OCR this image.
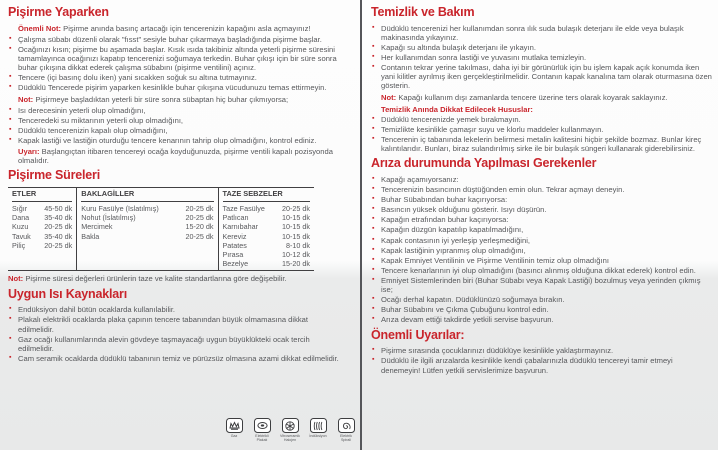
Pişirme Yaparken

Önemli Not: Pişirme anında basınç artacağı için tencerenizin kapağını asla açmayınız!

▪
Çalışma sübabı düzenli olarak "fısst" sesiyle buhar çıkarmaya başladığında pişirme başlar.
▪
Ocağınızı kısın; pişirme bu aşamada başlar. Kısık ısıda takibiniz altında yeterli pişirme süresini tamamlayınca ocağınızı kapatıp tencerenizi soğumaya terkedin. Buhar çıkışı için bir süre sonra buhar çıkışına dikkat ederek çalışma sübabını (pişirme ventilini) açınız.
▪
Tencere (içi basınç dolu iken) yani sıcakken soğuk su altına tutmayınız.
▪
Düdüklü Tencerede pişirim yaparken kesinlikle buhar çıkışına vücudunuzu temas ettirmeyin.

Not: Pişirmeye başladıktan yeterli bir süre sonra sübaptan hiç buhar çıkmıyorsa;

▪
Isı derecesinin yeterli olup olmadığını,
▪
Tenceredeki su miktarının yeterli olup olmadığını,
▪
Düdüklü tencerenizin kapalı olup olmadığını,
▪
Kapak lastiği ve lastiğin oturduğu tencere kenarının tahrip olup olmadığını, kontrol ediniz.

Uyarı: Başlangıçtan itibaren tencereyi ocağa koyduğunuzda, pişirme ventili kapalı pozisyonda olmalıdır.

Pişirme Süreleri
ETLER
Sığır	45-50 dk
Dana	35-40 dk
Kuzu	20-25 dk
Tavuk	35-40 dk
Piliç	20-25 dk
BAKLAGİLLER
Kuru Fasülye (Islatılmış)	20-25 dk
Nohut (İslatılmış)	20-25 dk
Mercimek	15-20 dk
Bakla	20-25 dk
TAZE SEBZELER
Taze Fasülye	20-25 dk
Patlıcan	10-15 dk
Karnıbahar	10-15 dk
Kereviz	10-15 dk
Patates	8-10 dk
Pırasa	10-12 dk
Bezelye	15-20 dk

Not: Pişirme süresi değerleri ürünlerin taze ve kalite standartlarına göre değişebilir.

Uygun Isı Kaynakları
▪
Endüksiyon dahil bütün ocaklarda kullanılabilir.
▪
Plakalı elektrikli ocaklarda plaka çapının tencere tabanından büyük olmamasına dikkat edilmelidir.
▪
Gaz ocağı kullanımlarında alevin gövdeye taşmayacağı uygun büyüklükteki ocak tercih edilmelidir.
▪
Cam seramik ocaklarda düdüklü tabanının temiz ve pürüzsüz olmasına azami dikkat edilmelidir.
Gaz	Elektrikli Plakalı
Vitroseramik Halojen
İndüksiyon	Elektrik Spirali
Temizlik ve Bakım
▪
Düdüklü tencerenizi her kullanımdan sonra ılık suda bulaşık deterjanı ile elde veya bulaşık makinasında yıkayınız.
▪
Kapağı su altında bulaşık deterjanı ile yıkayın.
▪
Her kullanımdan sonra lastiği ve yuvasını mutlaka temizleyin.
▪
Contanın tekrar yerine takılması, daha iyi bir görünürlük için bu işlem kapak açık konumda iken yani kilitler ayrılmış iken gerçekleştirilmelidir. Contanın kapak kanalına tam olarak oturmasına özen gösterin.

Not: Kapağı kullanım dışı zamanlarda tencere üzerine ters olarak koyarak saklayınız.

Temizlik Anında Dikkat Edilecek Hususlar:
▪
Düdüklü tencerenizde yemek bırakmayın.
▪
Temizlikte kesinlikle çamaşır suyu ve klorlu maddeler kullanmayın.
▪
Tencerenin iç tabanında lekelerin belirmesi metalin kalitesini hiçbir şekilde bozmaz. Bunlar kireç kalıntılarıdır. Bunları, biraz sulandırılmış sirke ile bir bulaşık süngeri kullanarak giderebilirsiniz.
Arıza durumunda Yapılması Gerekenler
▪
Kapağı açamıyorsanız:
▪
Tencerenizin basıncının düştüğünden emin olun. Tekrar açmayı deneyin.
▪
Buhar Sübabından buhar kaçırıyorsa:
▪
Basıncın yüksek olduğunu gösterir. Isıyı düşürün.
▪
Kapağın etrafından buhar kaçırıyorsa:
▪
Kapağın düzgün kapatılıp kapatılmadığını,
▪
Kapak contasının iyi yerleşip yerleşmediğini,
▪
Kapak lastiğinin yıpranmış olup olmadığını,
▪
Kapak Emniyet Ventilinin ve Pişirme Ventilinin temiz olup olmadığını
▪
Tencere kenarlarının iyi olup olmadığını (basıncı alınmış olduğuna dikkat ederek) kontrol edin.
▪
Emniyet Sistemlerinden biri (Buhar Sübabı veya Kapak Lastiği) bozulmuş veya yerinden çıkmış ise;
▪
Ocağı derhal kapatın. Düdüklünüzü soğumaya bırakın.
▪
Buhar Sübabını ve Çıkma Çubuğunu kontrol edin.
▪
Arıza devam ettiği takdirde yetkili servise başvurun.
Önemli Uyarılar:
▪
Pişirme sırasında çocuklarınızı düdüklüye kesinlikle yaklaştırmayınız.
▪
Düdüklü ile ilgili arızalarda kesinlikle kendi çabalarınızla düdüklü tencereyi tamir etmeyi denemeyin! Lütfen yetkili servislerimize başvurun.
